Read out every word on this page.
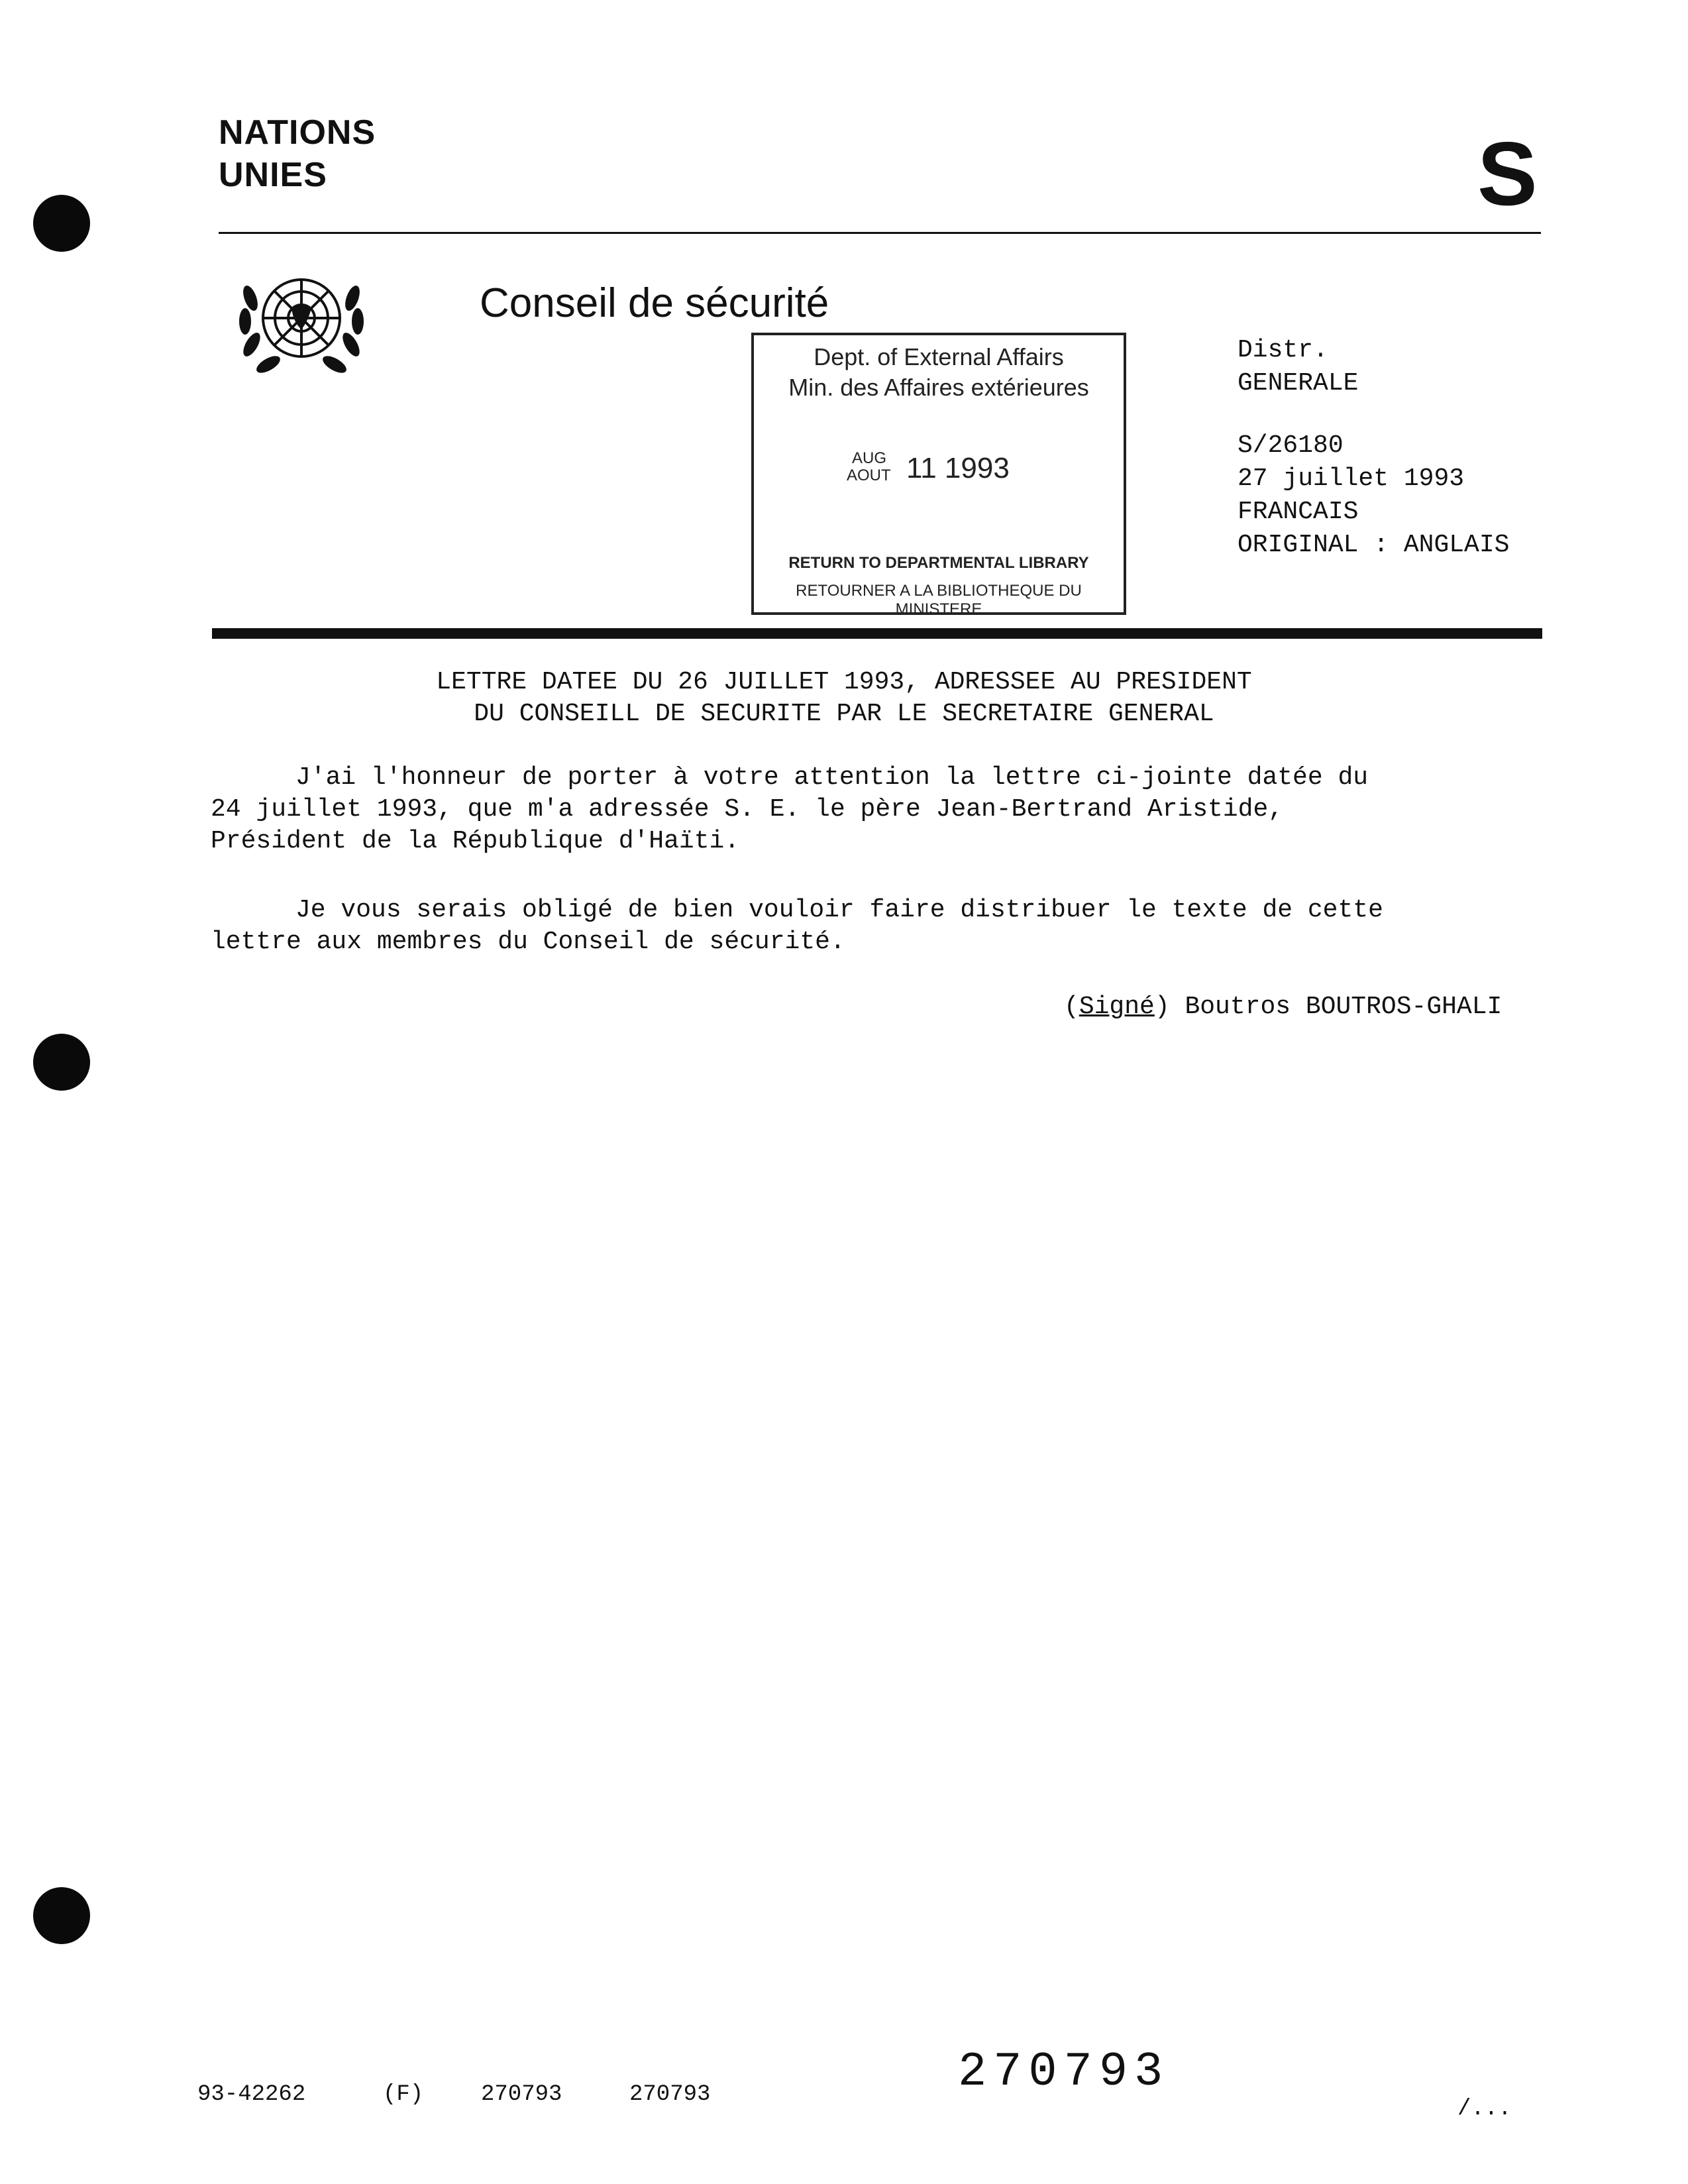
NATIONS
UNIES	S
Conseil de sécurité
Dept. of External Affairs
Min. des Affaires extérieures
AUG
AOUT 11 1993
RETURN TO DEPARTMENTAL LIBRARY
RETOURNER A LA BIBLIOTHEQUE DU MINISTERE
Distr.
GENERALE
S/26180
27 juillet 1993
FRANCAIS
ORIGINAL : ANGLAIS
LETTRE DATEE DU 26 JUILLET 1993, ADRESSEE AU PRESIDENT
DU CONSEILL DE SECURITE PAR LE SECRETAIRE GENERAL
J'ai l'honneur de porter à votre attention la lettre ci-jointe datée du
24 juillet 1993, que m'a adressée S. E. le père Jean-Bertrand Aristide,
Président de la République d'Haïti.
Je vous serais obligé de bien vouloir faire distribuer le texte de cette
lettre aux membres du Conseil de sécurité.
(Signé) Boutros BOUTROS-GHALI
93-42262	(F)	270793	270793	270793
/...
